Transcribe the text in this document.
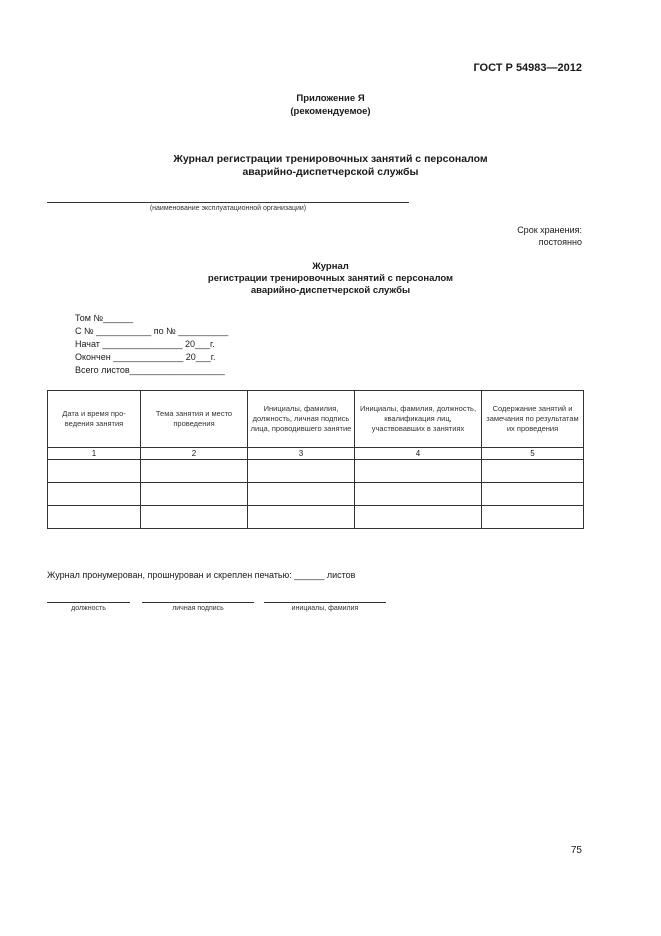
ГОСТ Р 54983—2012
Приложение Я
(рекомендуемое)
Журнал регистрации тренировочных занятий с персоналом
аварийно-диспетчерской службы
(наименование эксплуатационной организации)
Срок хранения:
постоянно
Журнал
регистрации тренировочных занятий с персоналом
аварийно-диспетчерской службы
Том №______
С № ___________ по № __________
Начат ________________ 20___г.
Окончен ______________ 20___г.
Всего листов___________________
Дата и время про-ведения занятия	Тема занятия и место проведения	Инициалы, фамилия, должность, личная подпись лица, проводившего занятие	Инициалы, фамилия, должность, квалификация лиц, участвовавших в занятиях	Содержание занятий и замечания по результатам их проведения
1	2	3	4	5

Журнал пронумерован, прошнурован и скреплен печатью: ______ листов
должность	личная подпись	инициалы, фамилия
75
